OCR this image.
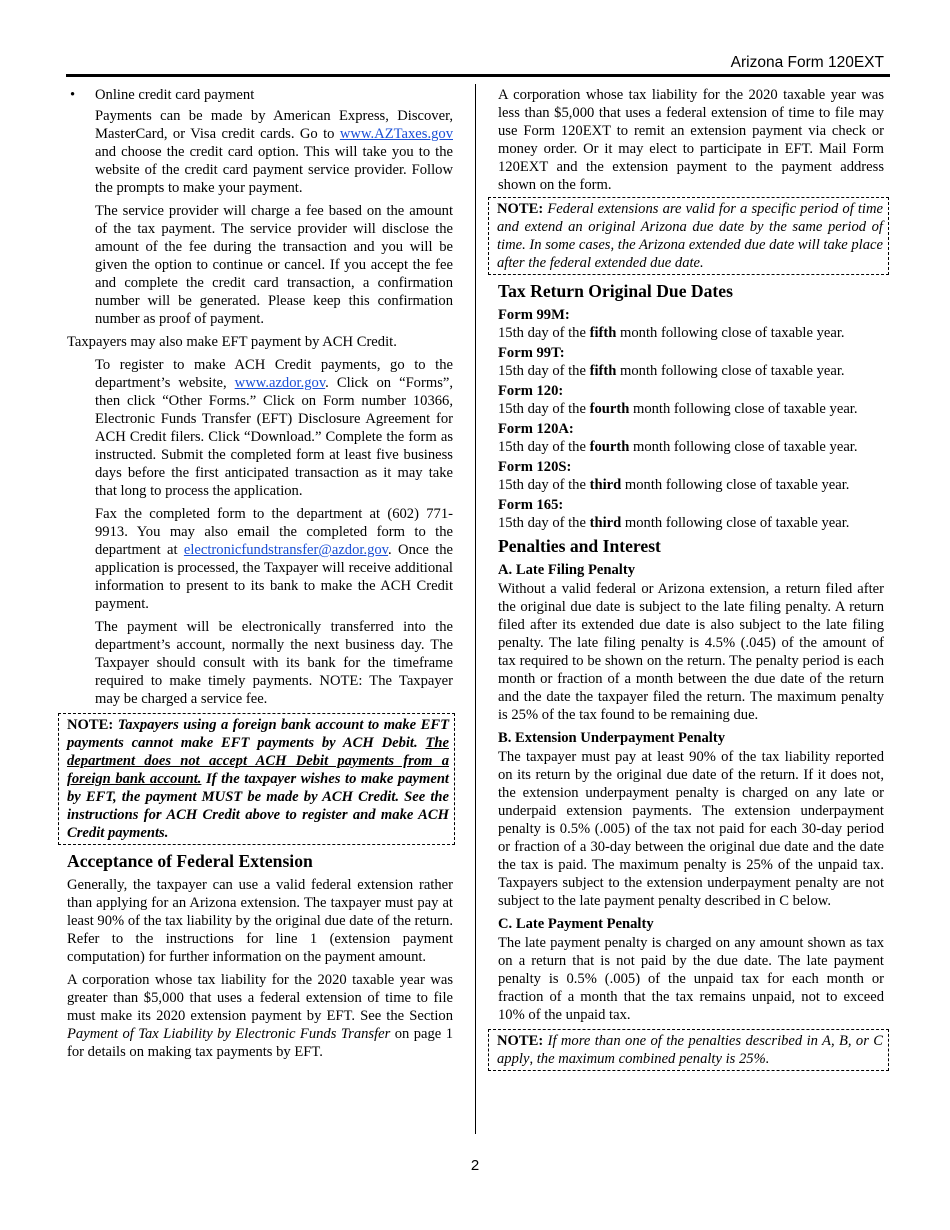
Arizona Form 120EXT
• Online credit card payment

Payments can be made by American Express, Discover, MasterCard, or Visa credit cards. Go to www.AZTaxes.gov and choose the credit card option. This will take you to the website of the credit card payment service provider. Follow the prompts to make your payment.

The service provider will charge a fee based on the amount of the tax payment. The service provider will disclose the amount of the fee during the transaction and you will be given the option to continue or cancel. If you accept the fee and complete the credit card transaction, a confirmation number will be generated. Please keep this confirmation number as proof of payment.

Taxpayers may also make EFT payment by ACH Credit.

To register to make ACH Credit payments, go to the department’s website, www.azdor.gov. Click on “Forms”, then click “Other Forms.” Click on Form number 10366, Electronic Funds Transfer (EFT) Disclosure Agreement for ACH Credit filers. Click “Download.” Complete the form as instructed. Submit the completed form at least five business days before the first anticipated transaction as it may take that long to process the application.

Fax the completed form to the department at (602) 771-9913. You may also email the completed form to the department at electronicfundstransfer@azdor.gov. Once the application is processed, the Taxpayer will receive additional information to present to its bank to make the ACH Credit payment.

The payment will be electronically transferred into the department’s account, normally the next business day. The Taxpayer should consult with its bank for the timeframe required to make timely payments. NOTE: The Taxpayer may be charged a service fee.

NOTE: Taxpayers using a foreign bank account to make EFT payments cannot make EFT payments by ACH Debit. The department does not accept ACH Debit payments from a foreign bank account. If the taxpayer wishes to make payment by EFT, the payment MUST be made by ACH Credit. See the instructions for ACH Credit above to register and make ACH Credit payments.
Acceptance of Federal Extension

Generally, the taxpayer can use a valid federal extension rather than applying for an Arizona extension. The taxpayer must pay at least 90% of the tax liability by the original due date of the return. Refer to the instructions for line 1 (extension payment computation) for further information on the payment amount.

A corporation whose tax liability for the 2020 taxable year was greater than $5,000 that uses a federal extension of time to file must make its 2020 extension payment by EFT. See the Section Payment of Tax Liability by Electronic Funds Transfer on page 1 for details on making tax payments by EFT.

A corporation whose tax liability for the 2020 taxable year was less than $5,000 that uses a federal extension of time to file may use Form 120EXT to remit an extension payment via check or money order. Or it may elect to participate in EFT. Mail Form 120EXT and the extension payment to the payment address shown on the form.

NOTE: Federal extensions are valid for a specific period of time and extend an original Arizona due date by the same period of time. In some cases, the Arizona extended due date will take place after the federal extended due date.
Tax Return Original Due Dates
Form 99M:
15th day of the fifth month following close of taxable year.
Form 99T:
15th day of the fifth month following close of taxable year.
Form 120:
15th day of the fourth month following close of taxable year.
Form 120A:
15th day of the fourth month following close of taxable year.
Form 120S:
15th day of the third month following close of taxable year.
Form 165:
15th day of the third month following close of taxable year.
Penalties and Interest
A. Late Filing Penalty

Without a valid federal or Arizona extension, a return filed after the original due date is subject to the late filing penalty. A return filed after its extended due date is also subject to the late filing penalty. The late filing penalty is 4.5% (.045) of the amount of tax required to be shown on the return. The penalty period is each month or fraction of a month between the due date of the return and the date the taxpayer filed the return. The maximum penalty is 25% of the tax found to be remaining due.

B. Extension Underpayment Penalty

The taxpayer must pay at least 90% of the tax liability reported on its return by the original due date of the return. If it does not, the extension underpayment penalty is charged on any late or underpaid extension payments. The extension underpayment penalty is 0.5% (.005) of the tax not paid for each 30-day period or fraction of a 30-day between the original due date and the date the tax is paid. The maximum penalty is 25% of the unpaid tax. Taxpayers subject to the extension underpayment penalty are not subject to the late payment penalty described in C below.

C. Late Payment Penalty

The late payment penalty is charged on any amount shown as tax on a return that is not paid by the due date. The late payment penalty is 0.5% (.005) of the unpaid tax for each month or fraction of a month that the tax remains unpaid, not to exceed 10% of the unpaid tax.

NOTE: If more than one of the penalties described in A, B, or C apply, the maximum combined penalty is 25%.
2
